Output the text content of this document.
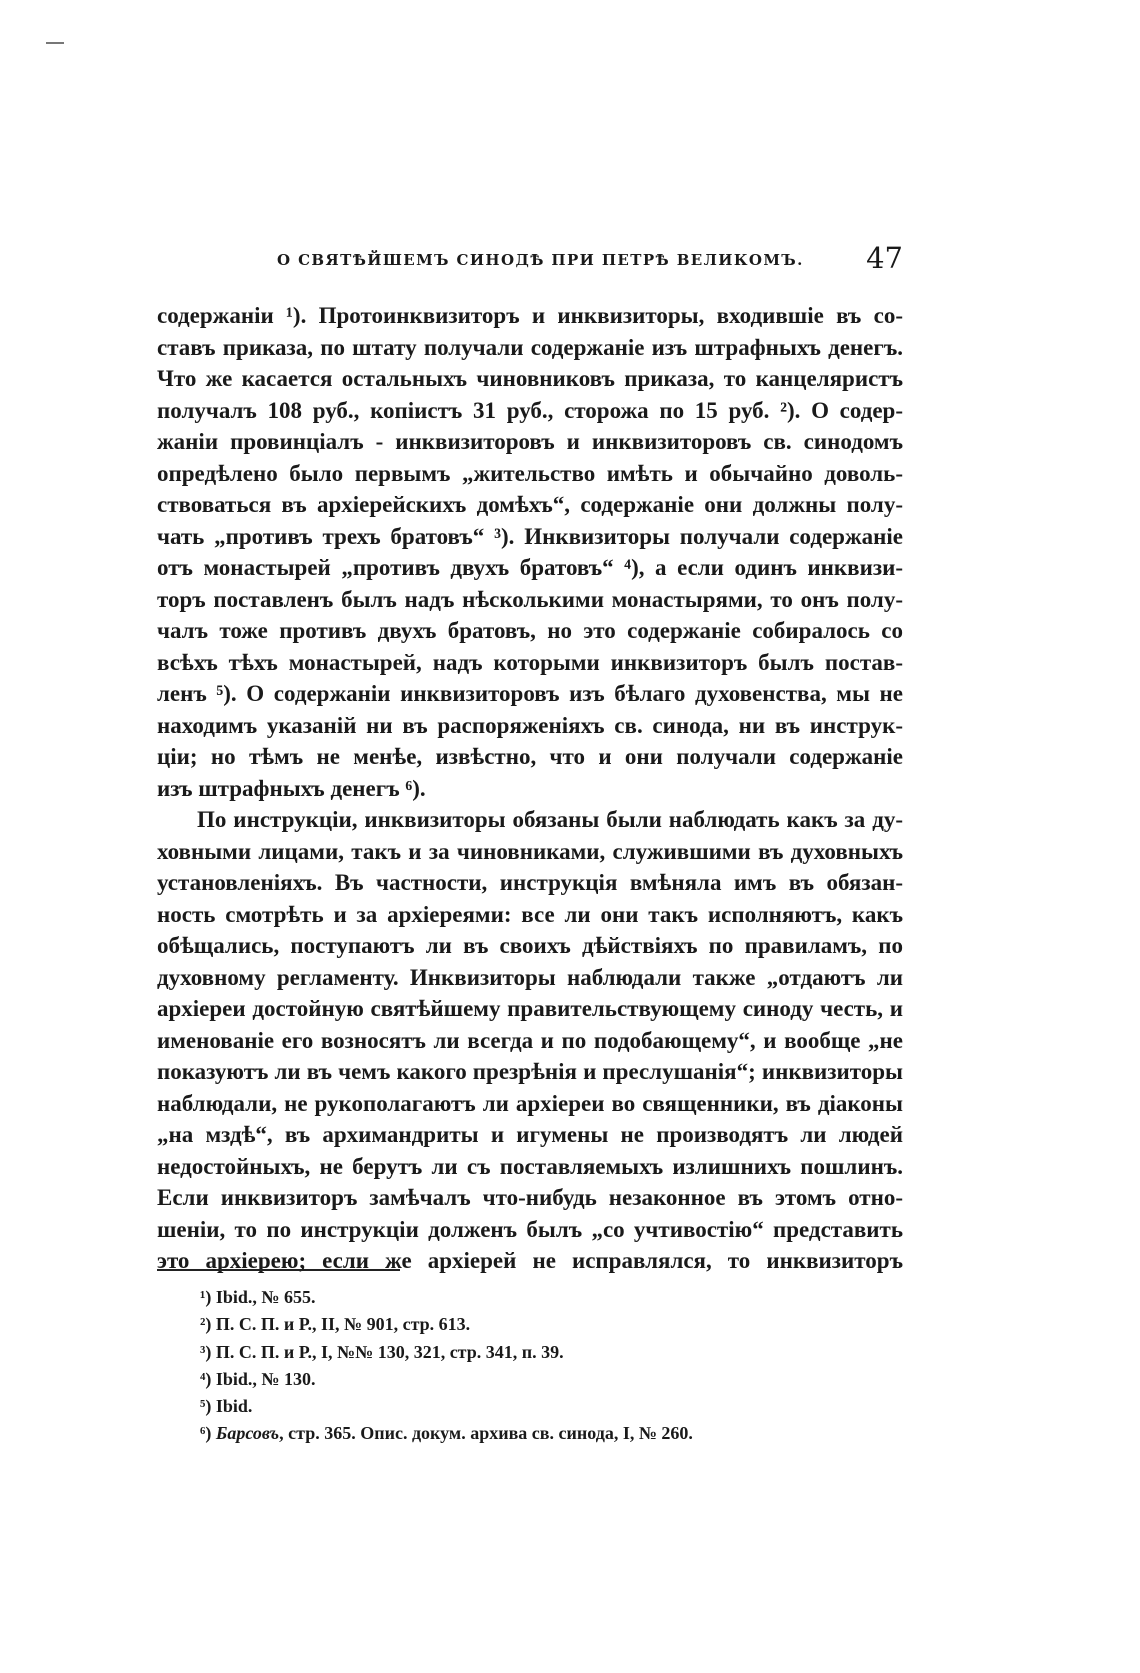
О СВЯТѢЙШЕМЪ СИНОДѢ ПРИ ПЕТРѢ ВЕЛИКОМЪ. 47
содержаніи ¹). Протоинквизиторъ и инквизиторы, входившіе въ со-
ставъ приказа, по штату получали содержаніе изъ штрафныхъ денегъ.
Что же касается остальныхъ чиновниковъ приказа, то канцеляристъ
получалъ 108 руб., копіистъ 31 руб., сторожа по 15 руб. ²). О содер-
жаніи провинціалъ - инквизиторовъ и инквизиторовъ св. синодомъ
опредѣлено было первымъ „жительство имѣть и обычайно доволь-
ствоваться въ архіерейскихъ домѣхъ“, содержаніе они должны полу-
чать „противъ трехъ братовъ“ ³). Инквизиторы получали содержаніе
отъ монастырей „противъ двухъ братовъ“ ⁴), а если одинъ инквизи-
торъ поставленъ былъ надъ нѣсколькими монастырями, то онъ полу-
чалъ тоже противъ двухъ братовъ, но это содержаніе собиралось со
всѣхъ тѣхъ монастырей, надъ которыми инквизиторъ былъ постав-
ленъ ⁵). О содержаніи инквизиторовъ изъ бѣлаго духовенства, мы не
находимъ указаній ни въ распоряженіяхъ св. синода, ни въ инструк-
ціи; но тѣмъ не менѣе, извѣстно, что и они получали содержаніе
изъ штрафныхъ денегъ ⁶).
По инструкціи, инквизиторы обязаны были наблюдать какъ за ду-
ховными лицами, такъ и за чиновниками, служившими въ духовныхъ
установленіяхъ. Въ частности, инструкція вмѣняла имъ въ обязан-
ность смотрѣть и за архіереями: все ли они такъ исполняютъ, какъ
обѣщались, поступаютъ ли въ своихъ дѣйствіяхъ по правиламъ, по
духовному регламенту. Инквизиторы наблюдали также „отдаютъ ли
архіереи достойную святѣйшему правительствующему синоду честь, и
именованіе его возносятъ ли всегда и по подобающему“, и вообще „не
показуютъ ли въ чемъ какого презрѣнія и преслушанія“; инквизиторы
наблюдали, не рукополагаютъ ли архіереи во священники, въ діаконы
„на мздѣ“, въ архимандриты и игумены не производятъ ли людей
недостойныхъ, не берутъ ли съ поставляемыхъ излишнихъ пошлинъ.
Если инквизиторъ замѣчалъ что-нибудь незаконное въ этомъ отно-
шеніи, то по инструкціи долженъ былъ „со учтивостію“ представить
это архіерею; если же архіерей не исправлялся, то инквизиторъ
¹) Ibid., № 655.
²) П. С. П. и Р., II, № 901, стр. 613.
³) П. С. П. и Р., I, №№ 130, 321, стр. 341, п. 39.
⁴) Ibid., № 130.
⁵) Ibid.
⁶) Барсовъ, стр. 365. Опис. докум. архива св. синода, I, № 260.
